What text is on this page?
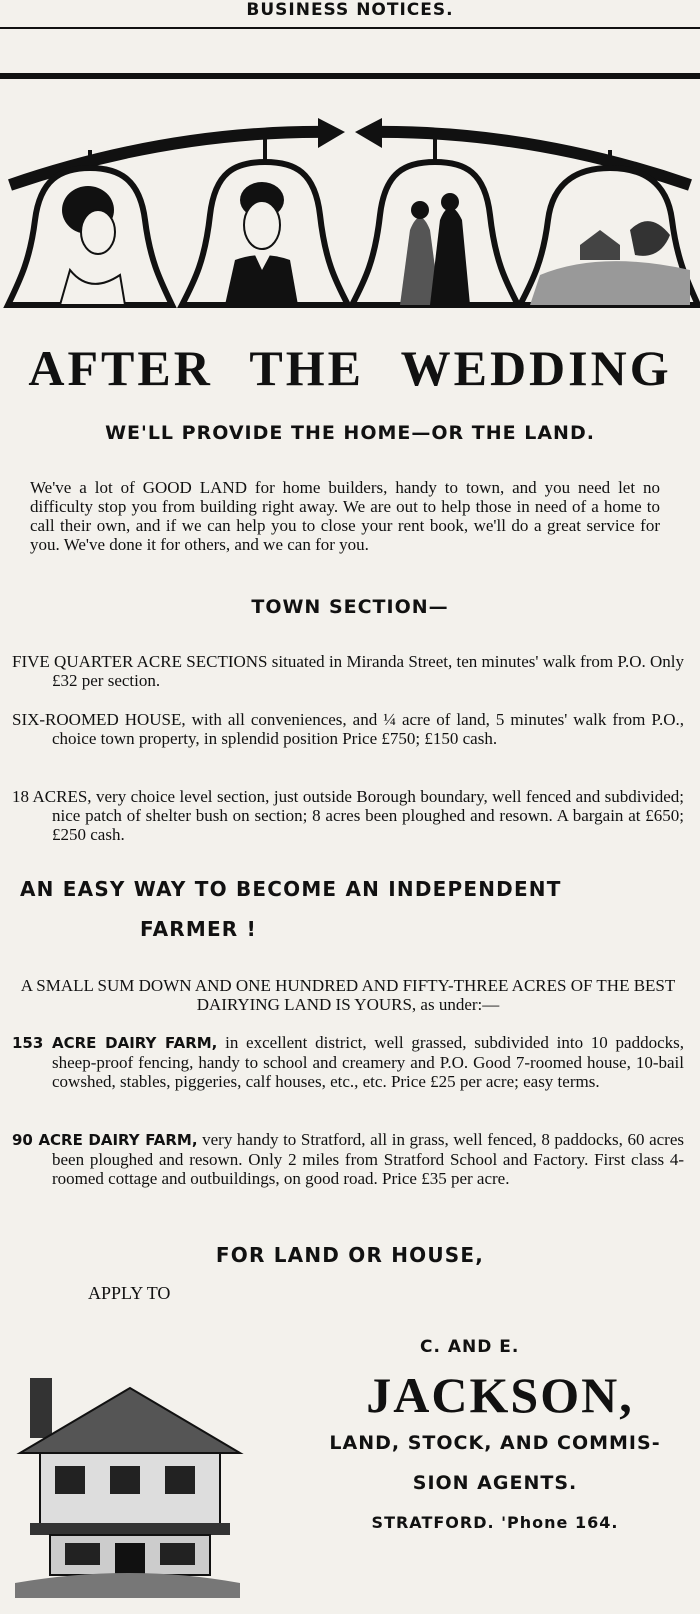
BUSINESS NOTICES.
AFTER THE WEDDING
WE'LL PROVIDE THE HOME—OR THE LAND.
We've a lot of GOOD LAND for home builders, handy to town, and you need let no difficulty stop you from building right away. We are out to help those in need of a home to call their own, and if we can help you to close your rent book, we'll do a great service for you. We've done it for others, and we can for you.
TOWN SECTION—
FIVE QUARTER ACRE SECTIONS situated in Miranda Street, ten minutes' walk from P.O. Only £32 per section.
SIX-ROOMED HOUSE, with all conveniences, and ¼ acre of land, 5 minutes' walk from P.O., choice town property, in splendid position Price £750; £150 cash.
18 ACRES, very choice level section, just outside Borough boundary, well fenced and subdivided; nice patch of shelter bush on section; 8 acres been ploughed and resown. A bargain at £650; £250 cash.
AN EASY WAY TO BECOME AN INDEPENDENT
FARMER !
A SMALL SUM DOWN AND ONE HUNDRED AND FIFTY-THREE ACRES OF THE BEST DAIRYING LAND IS YOURS, as under:—
153 ACRE DAIRY FARM, in excellent district, well grassed, subdivided into 10 paddocks, sheep-proof fencing, handy to school and creamery and P.O. Good 7-roomed house, 10-bail cowshed, stables, piggeries, calf houses, etc., etc. Price £25 per acre; easy terms.
90 ACRE DAIRY FARM, very handy to Stratford, all in grass, well fenced, 8 paddocks, 60 acres been ploughed and resown. Only 2 miles from Stratford School and Factory. First class 4-roomed cottage and outbuildings, on good road. Price £35 per acre.
FOR LAND OR HOUSE,
APPLY TO
C. AND E.
JACKSON,
LAND, STOCK, AND COMMIS-
SION AGENTS.
STRATFORD. 'Phone 164.
